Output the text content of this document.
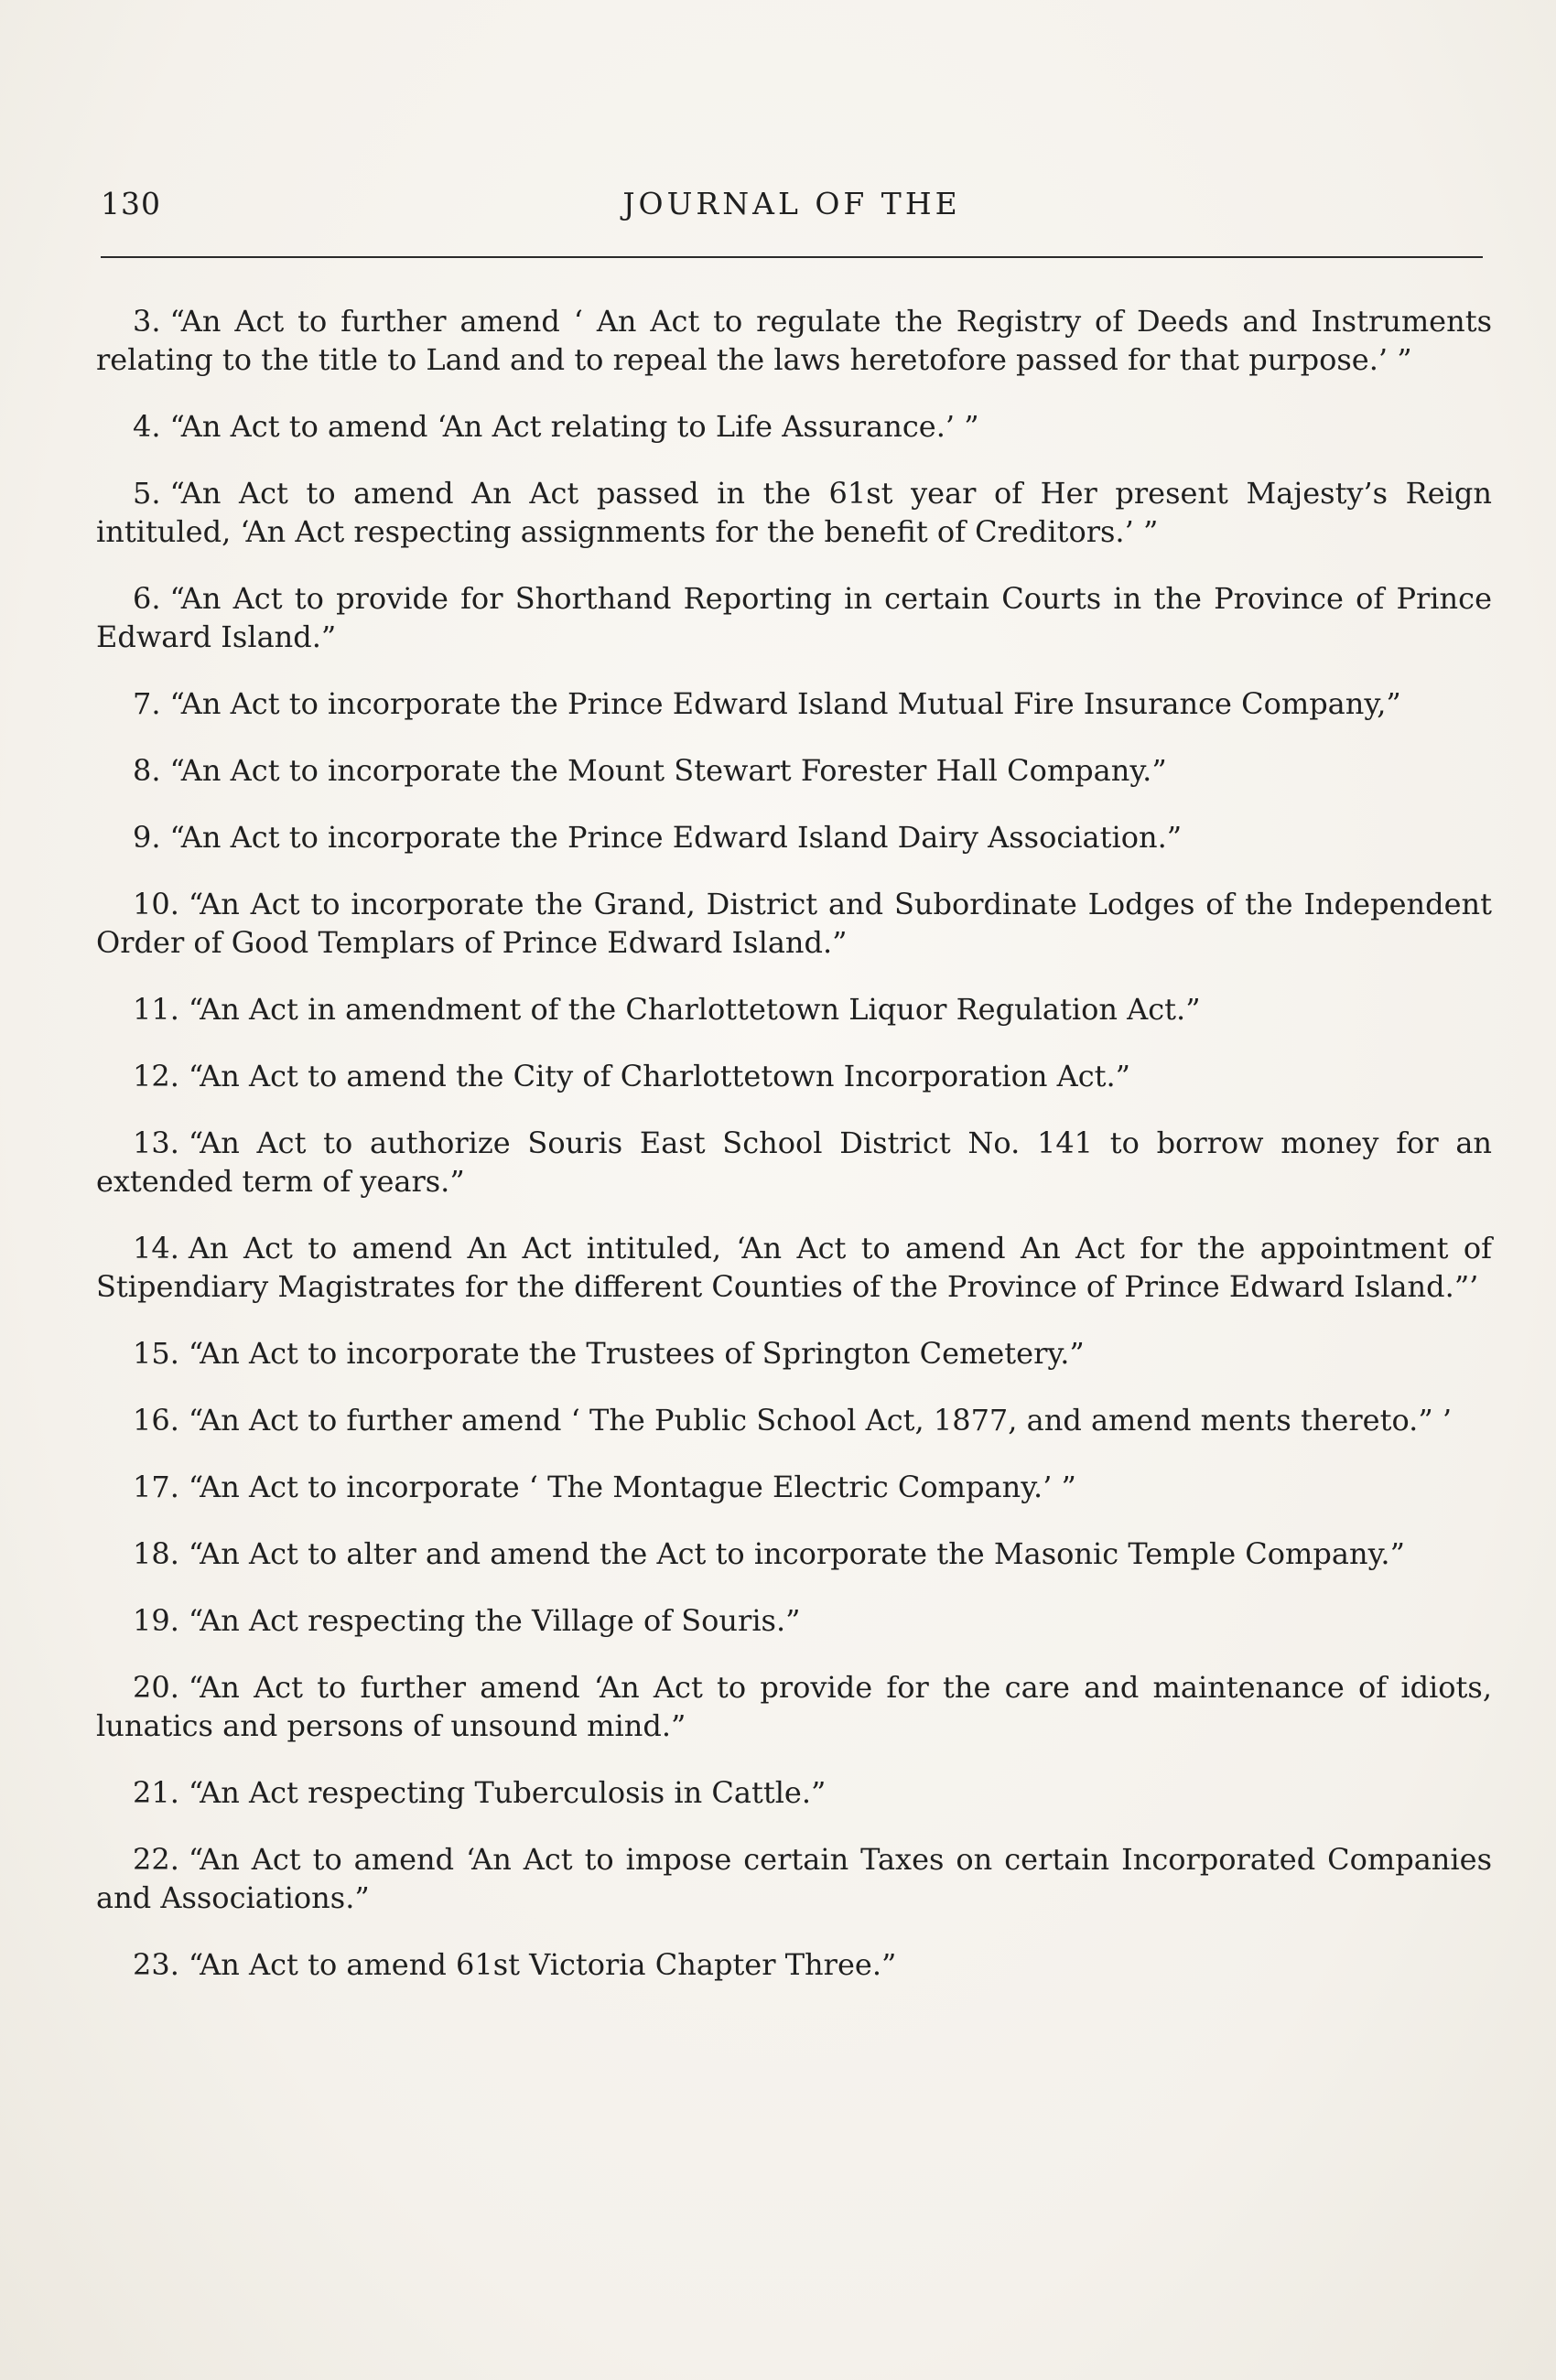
130	JOURNAL OF THE

3. “An Act to further amend ‘ An Act to regulate the Registry of Deeds and Instruments relating to the title to Land and to repeal the laws heretofore passed for that purpose.’ ”

4. “An Act to amend ‘An Act relating to Life Assurance.’ ”

5. “An Act to amend An Act passed in the 61st year of Her present Majesty’s Reign intituled, ‘An Act respecting assignments for the benefit of Creditors.’ ”

6. “An Act to provide for Shorthand Reporting in certain Courts in the Province of Prince Edward Island.”

7. “An Act to incorporate the Prince Edward Island Mutual Fire Insurance Company,”

8. “An Act to incorporate the Mount Stewart Forester Hall Company.”

9. “An Act to incorporate the Prince Edward Island Dairy Association.”

10. “An Act to incorporate the Grand, District and Subordinate Lodges of the Independent Order of Good Templars of Prince Edward Island.”

11. “An Act in amendment of the Charlottetown Liquor Regulation Act.”

12. “An Act to amend the City of Charlottetown Incorporation Act.”

13. “An Act to authorize Souris East School District No. 141 to borrow money for an extended term of years.”

14. An Act to amend An Act intituled, ‘An Act to amend An Act for the appointment of Stipendiary Magistrates for the different Counties of the Province of Prince Edward Island.”’

15. “An Act to incorporate the Trustees of Springton Cemetery.”

16. “An Act to further amend ‘ The Public School Act, 1877, and amend ments thereto.” ’

17. “An Act to incorporate ‘ The Montague Electric Company.’ ”

18. “An Act to alter and amend the Act to incorporate the Masonic Temple Company.”

19. “An Act respecting the Village of Souris.”

20. “An Act to further amend ‘An Act to provide for the care and maintenance of idiots, lunatics and persons of unsound mind.”

21. “An Act respecting Tuberculosis in Cattle.”

22. “An Act to amend ‘An Act to impose certain Taxes on certain Incorporated Companies and Associations.”

23. “An Act to amend 61st Victoria Chapter Three.”
